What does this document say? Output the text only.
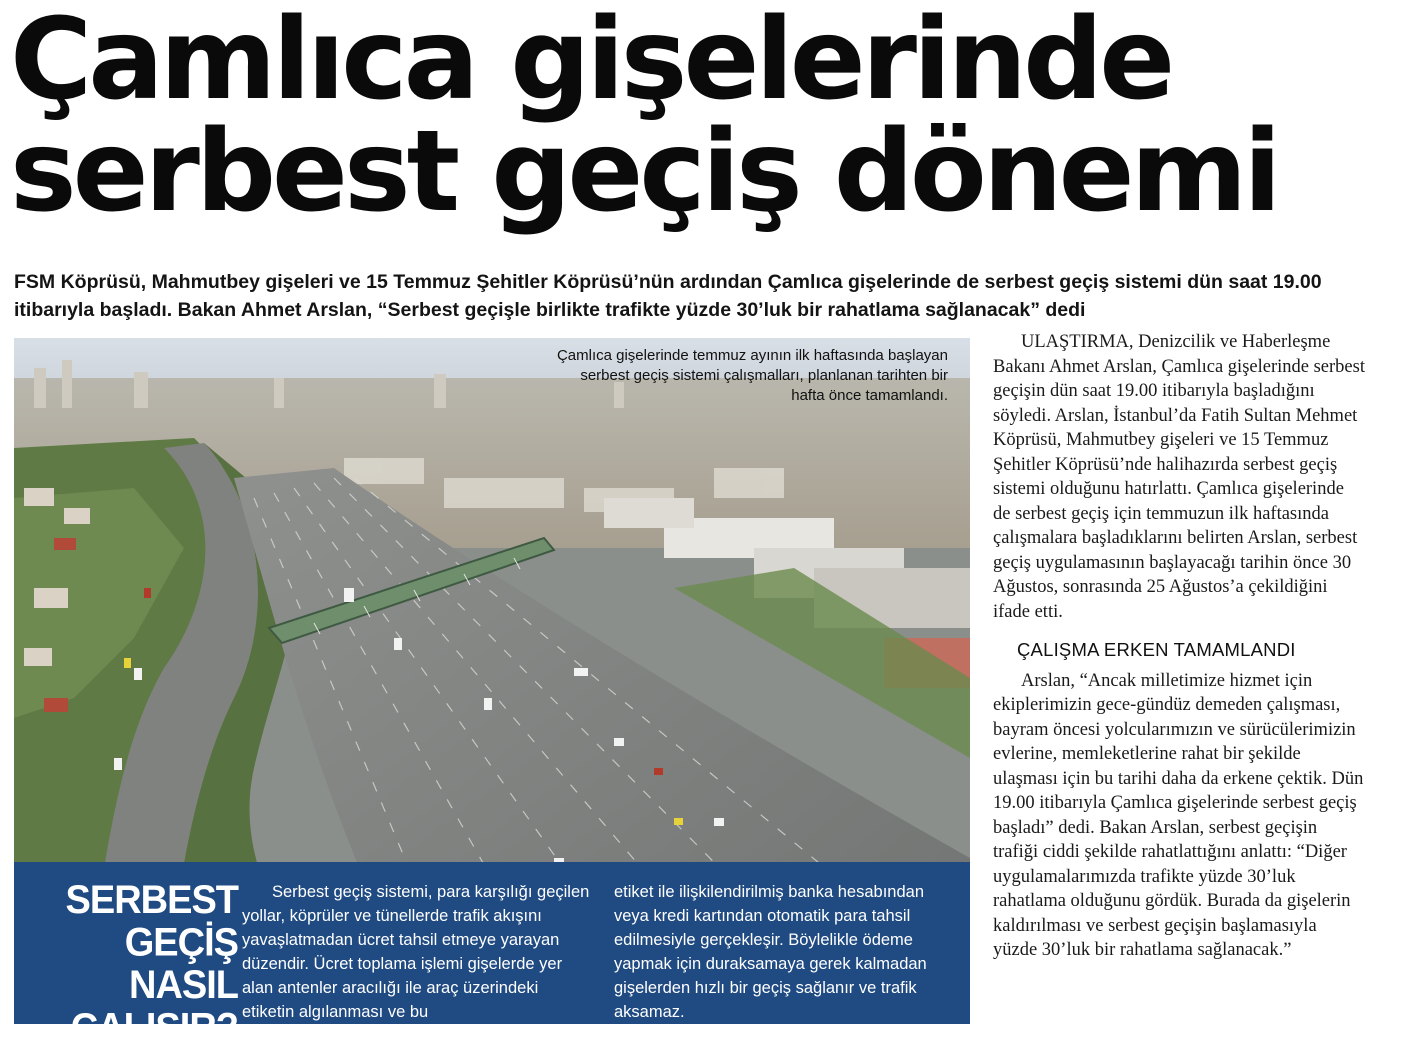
Çamlıca gişelerinde
serbest geçiş dönemi
FSM Köprüsü, Mahmutbey gişeleri ve 15 Temmuz Şehitler Köprüsü’nün ardından Çamlıca gişelerinde de serbest geçiş sistemi dün saat 19.00 itibarıyla başladı. Bakan Ahmet Arslan, “Serbest geçişle birlikte trafikte yüzde 30’luk bir rahatlama sağlanacak” dedi
Çamlıca gişelerinde temmuz ayının ilk haftasında başlayan serbest geçiş sistemi çalışmalları, planlanan tarihten bir hafta önce tamamlandı.
SERBEST
GEÇİŞ NASIL
ÇALIŞIR?
Serbest geçiş sistemi, para karşılığı geçilen yollar, köprüler ve tünellerde trafik akışını yavaşlatmadan ücret tahsil etmeye yarayan düzendir. Ücret toplama işlemi gişelerde yer alan antenler aracılığı ile araç üzerindeki etiketin algılanması ve bu
etiket ile ilişkilendirilmiş banka hesabından veya kredi kartından otomatik para tahsil edilmesiyle gerçekleşir. Böylelikle ödeme yapmak için duraksamaya gerek kalmadan gişelerden hızlı bir geçiş sağlanır ve trafik aksamaz.

ULAŞTIRMA, Denizcilik ve Haberleşme Bakanı Ahmet Arslan, Çamlıca gişelerinde serbest geçişin dün saat 19.00 itibarıyla başladığını söyledi. Arslan, İstanbul’da Fatih Sultan Mehmet Köprüsü, Mahmutbey gişeleri ve 15 Temmuz Şehitler Köprüsü’nde halihazırda serbest geçiş sistemi olduğunu hatırlattı. Çamlıca gişelerinde de serbest geçiş için temmuzun ilk haftasında çalışmalara başladıklarını belirten Arslan, serbest geçiş uygulamasının başlayacağı tarihin önce 30 Ağustos, sonrasında 25 Ağustos’a çekildiğini ifade etti.

ÇALIŞMA ERKEN TAMAMLANDI

Arslan, “Ancak milletimize hizmet için ekiplerimizin gece-gündüz demeden çalışması, bayram öncesi yolcularımızın ve sürücülerimizin evlerine, memleketlerine rahat bir şekilde ulaşması için bu tarihi daha da erkene çektik. Dün 19.00 itibarıyla Çamlıca gişelerinde serbest geçiş başladı” dedi. Bakan Arslan, serbest geçişin trafiği ciddi şekilde rahatlattığını anlattı: “Diğer uygulamalarımızda trafikte yüzde 30’luk rahatlama olduğunu gördük. Burada da gişelerin kaldırılması ve serbest geçişin başlamasıyla yüzde 30’luk bir rahatlama sağlanacak.”
